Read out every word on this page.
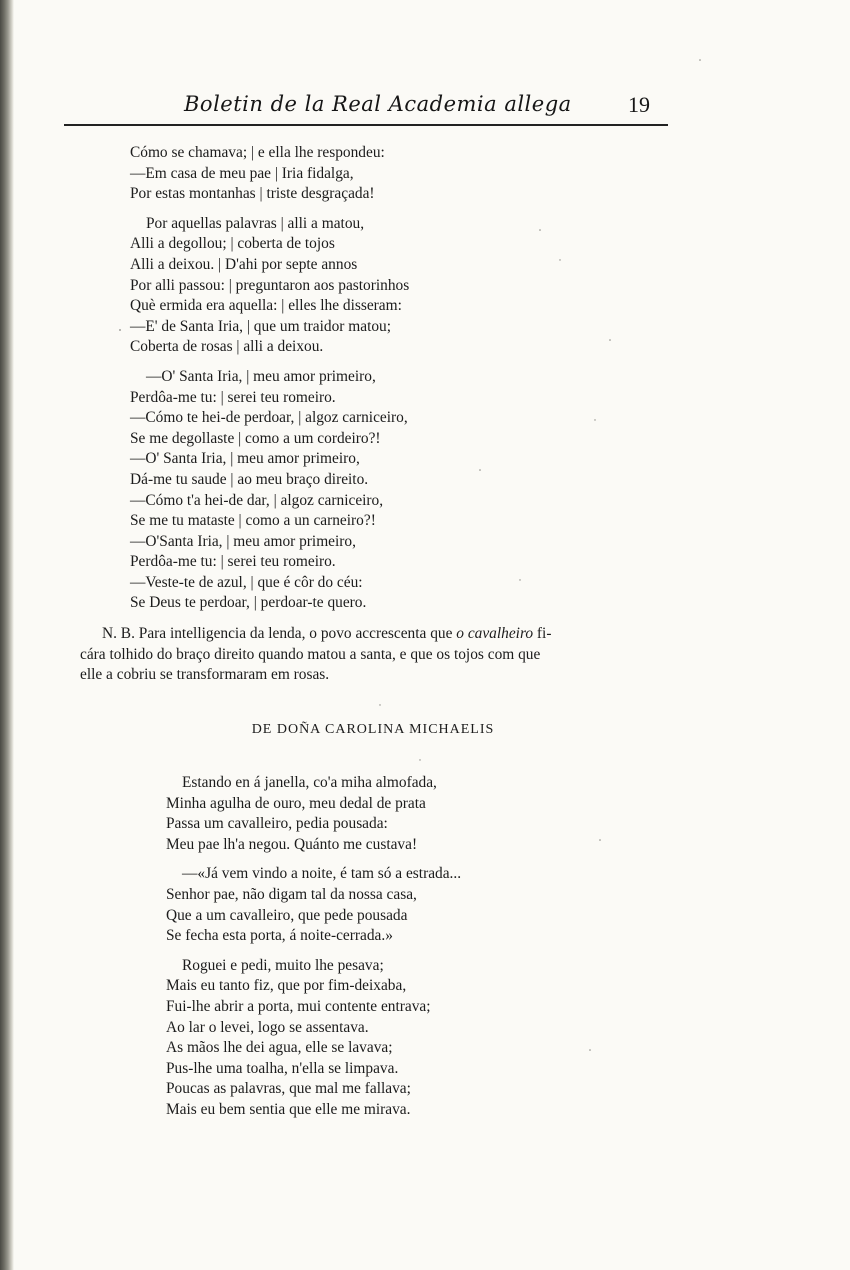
Boletin de la Real Academia allega	19
Cómo se chamava; | e ella lhe respondeu:
—Em casa de meu pae | Iria fidalga,
Por estas montanhas | triste desgraçada!
Por aquellas palavras | alli a matou,
Alli a degollou; | coberta de tojos
Alli a deixou. | D'ahi por septe annos
Por alli passou: | preguntaron aos pastorinhos
Què ermida era aquella: | elles lhe disseram:
—E' de Santa Iria, | que um traidor matou;
Coberta de rosas | alli a deixou.
—O' Santa Iria, | meu amor primeiro,
Perdôa-me tu: | serei teu romeiro.
—Cómo te hei-de perdoar, | algoz carniceiro,
Se me degollaste | como a um cordeiro?!
—O' Santa Iria, | meu amor primeiro,
Dá-me tu saude | ao meu braço direito.
—Cómo t'a hei-de dar, | algoz carniceiro,
Se me tu mataste | como a un carneiro?!
—O'Santa Iria, | meu amor primeiro,
Perdôa-me tu: | serei teu romeiro.
—Veste-te de azul, | que é côr do céu:
Se Deus te perdoar, | perdoar-te quero.
N. B. Para intelligencia da lenda, o povo accrescenta que o cavalheiro fi-
cára tolhido do braço direito quando matou a santa, e que os tojos com que
elle a cobriu se transformaram em rosas.
DE DOÑA CAROLINA MICHAELIS
Estando en á janella, co'a miha almofada,
Minha agulha de ouro, meu dedal de prata
Passa um cavalleiro, pedia pousada:
Meu pae lh'a negou. Quánto me custava!
—«Já vem vindo a noite, é tam só a estrada...
Senhor pae, não digam tal da nossa casa,
Que a um cavalleiro, que pede pousada
Se fecha esta porta, á noite-cerrada.»
Roguei e pedi, muito lhe pesava;
Mais eu tanto fiz, que por fim-deixaba,
Fui-lhe abrir a porta, mui contente entrava;
Ao lar o levei, logo se assentava.
As mãos lhe dei agua, elle se lavava;
Pus-lhe uma toalha, n'ella se limpava.
Poucas as palavras, que mal me fallava;
Mais eu bem sentia que elle me mirava.
